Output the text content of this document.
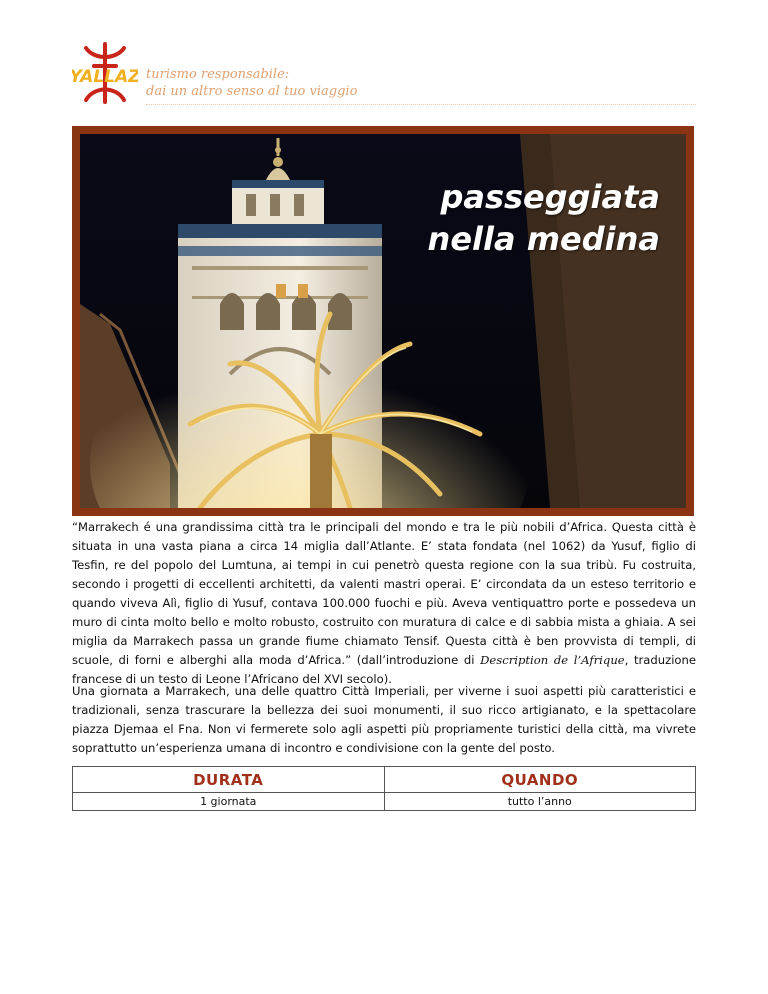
YALLAZ turismo responsabile:
dai un altro senso al tuo viaggio
passeggiata
nella medina

“Marrakech é una grandissima città tra le principali del mondo e tra le più nobili d’Africa. Questa città è situata in una vasta piana a circa 14 miglia dall’Atlante. E’ stata fondata (nel 1062) da Yusuf, figlio di Tesfin, re del popolo del Lumtuna, ai tempi in cui penetrò questa regione con la sua tribù. Fu costruita, secondo i progetti di eccellenti architetti, da valenti mastri operai. E’ circondata da un esteso territorio e quando viveva Alì, figlio di Yusuf, contava 100.000 fuochi e più. Aveva ventiquattro porte e possedeva un muro di cinta molto bello e molto robusto, costruito con muratura di calce e di sabbia mista a ghiaia. A sei miglia da Marrakech passa un grande fiume chiamato Tensif. Questa città è ben provvista di templi, di scuole, di forni e alberghi alla moda d’Africa.” (dall’introduzione di Description de l’Afrique, traduzione francese di un testo di Leone l’Africano del XVI secolo).

Una giornata a Marrakech, una delle quattro Città Imperiali, per viverne i suoi aspetti più caratteristici e tradizionali, senza trascurare la bellezza dei suoi monumenti, il suo ricco artigianato, e la spettacolare piazza Djemaa el Fna. Non vi fermerete solo agli aspetti più propriamente turistici della città, ma vivrete soprattutto un’esperienza umana di incontro e condivisione con la gente del posto.

DURATA	QUANDO
1 giornata	tutto l’anno
